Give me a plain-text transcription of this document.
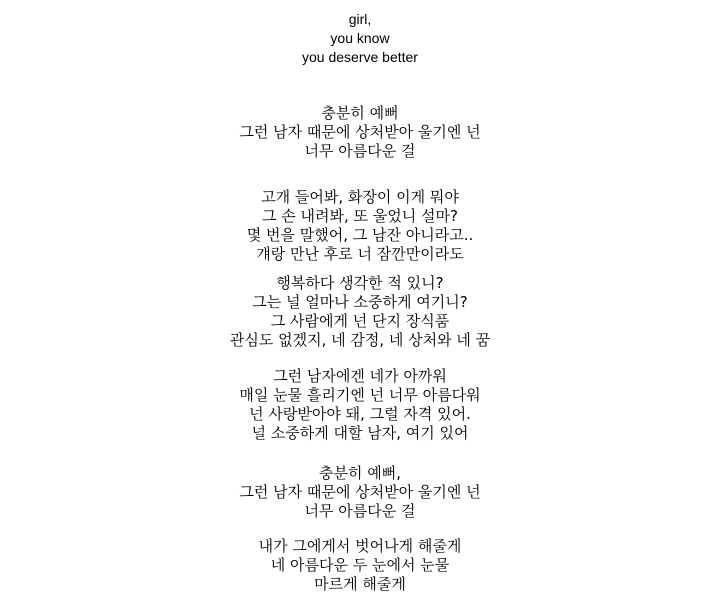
girl,
you know
you deserve better
충분히 예뻐
그런 남자 때문에 상처받아 울기엔 넌
너무 아름다운 걸
고개 들어봐, 화장이 이게 뭐야
그 손 내려봐, 또 울었니 설마?
몇 번을 말했어, 그 남잔 아니라고..
걔랑 만난 후로 너 잠깐만이라도
행복하다 생각한 적 있니?
그는 널 얼마나 소중하게 여기니?
그 사람에게 넌 단지 장식품
관심도 없겠지, 네 감정, 네 상처와 네 꿈
그런 남자에겐 네가 아까워
매일 눈물 흘리기엔 넌 너무 아름다워
넌 사랑받아야 돼, 그럴 자격 있어.
널 소중하게 대할 남자, 여기 있어
충분히 예뻐,
그런 남자 때문에 상처받아 울기엔 넌
너무 아름다운 걸
내가 그에게서 벗어나게 해줄게
네 아름다운 두 눈에서 눈물
마르게 해줄게
